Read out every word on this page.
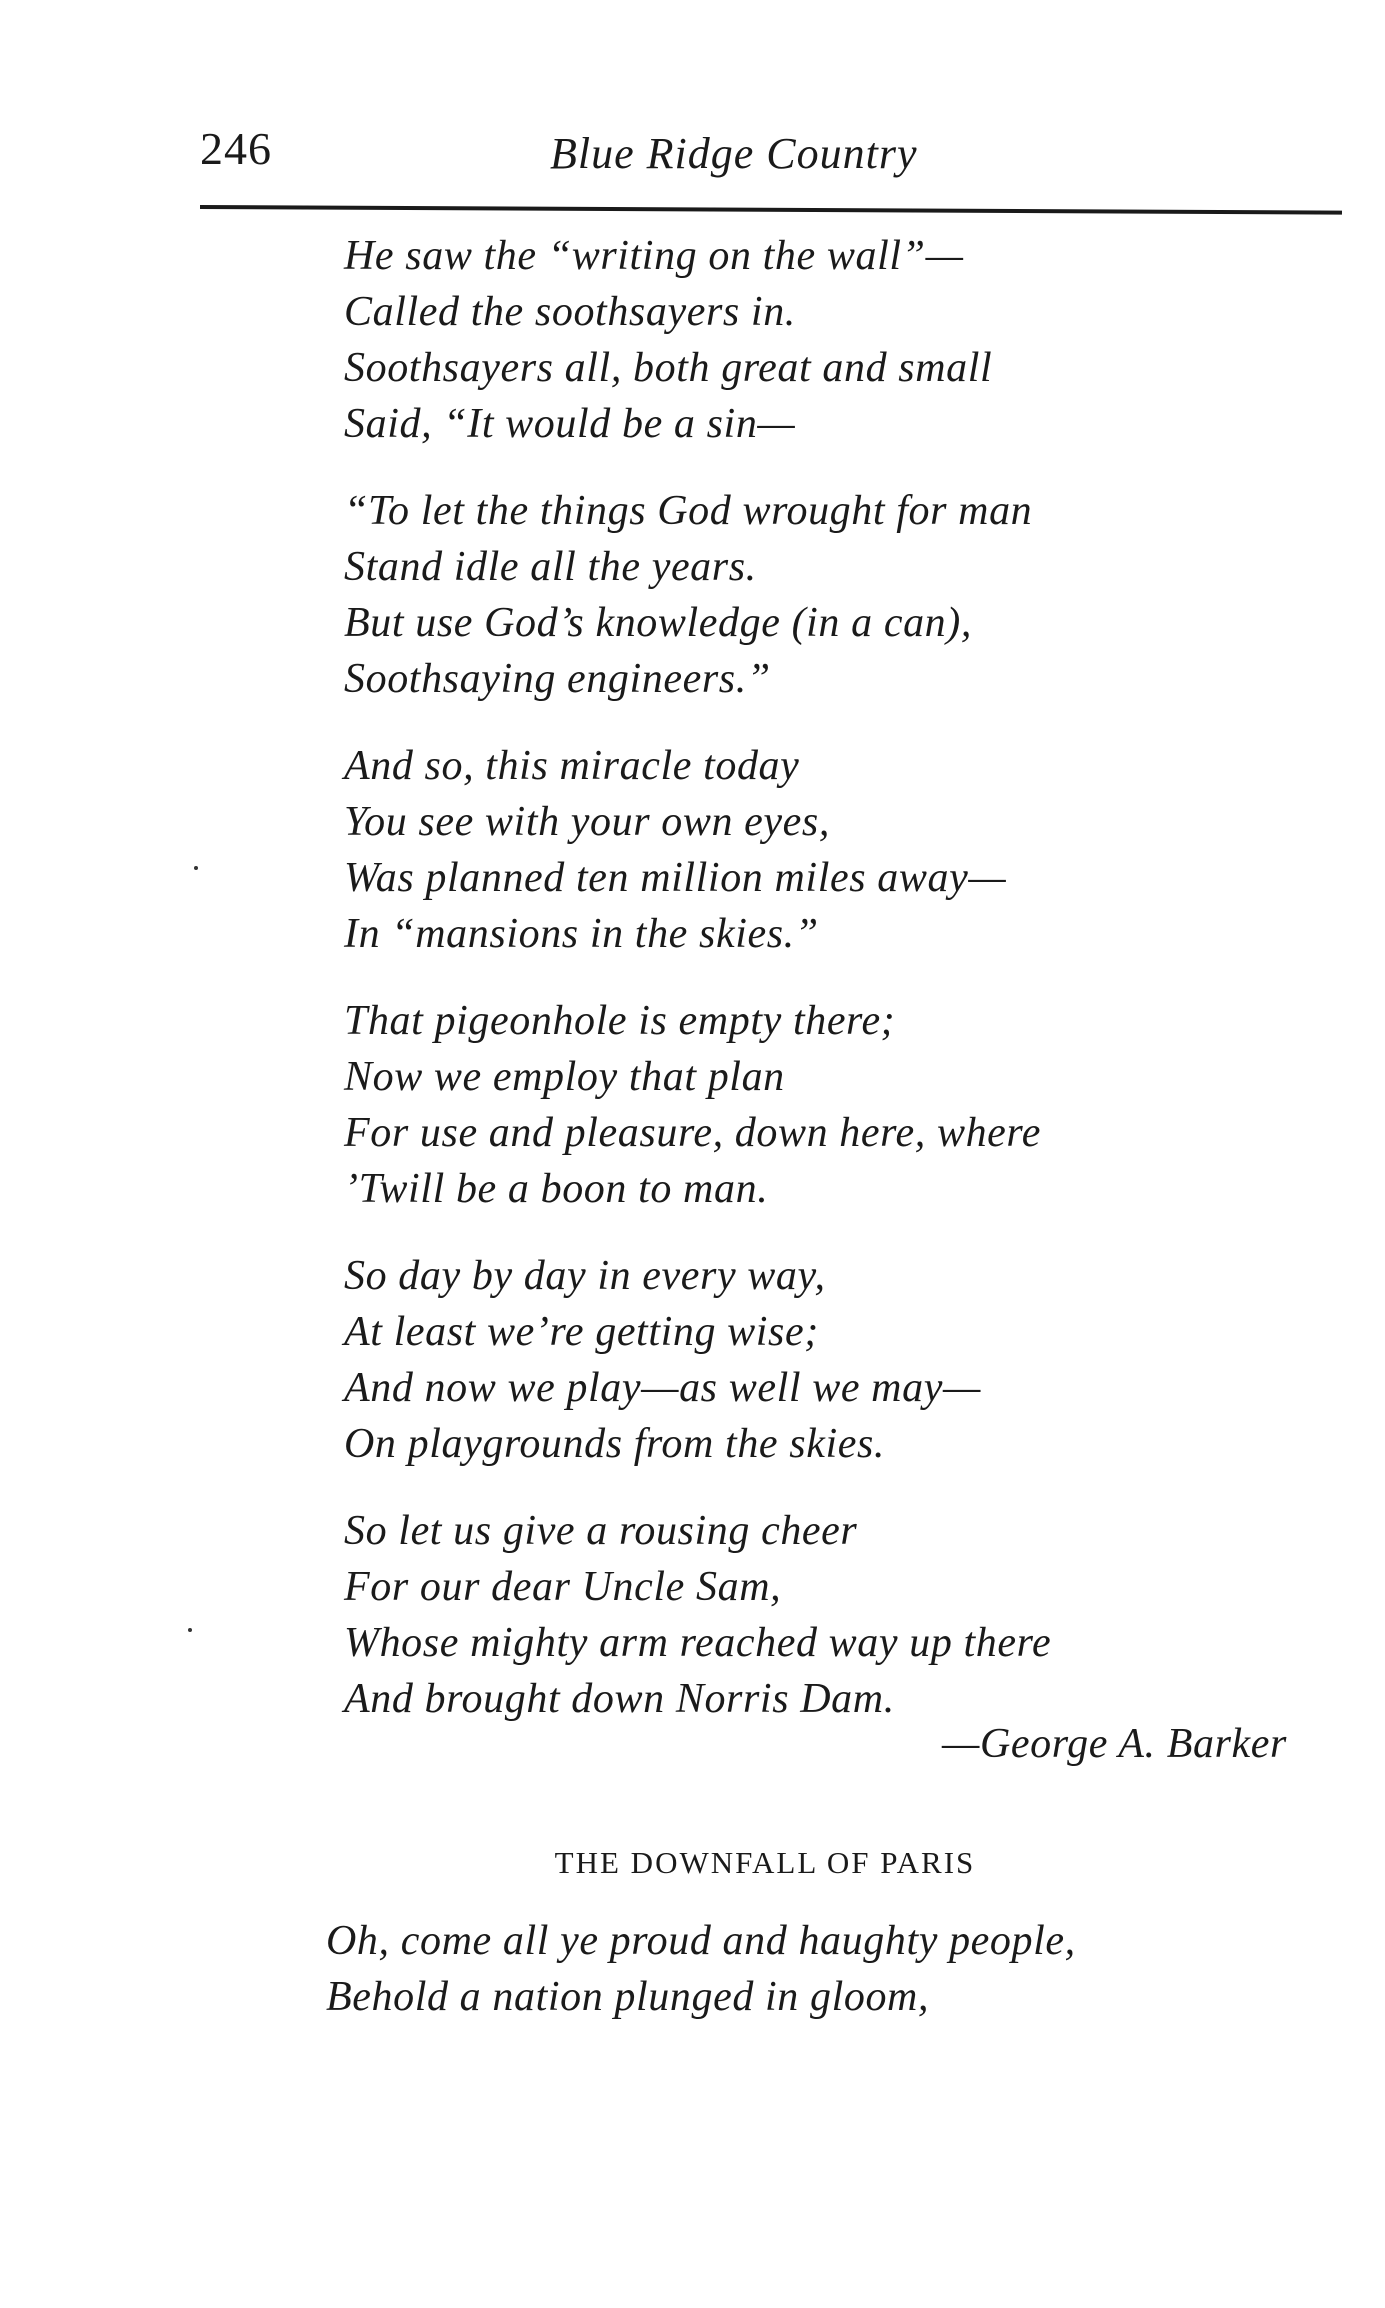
246	Blue Ridge Country
He saw the “writing on the wall”—
Called the soothsayers in.
Soothsayers all, both great and small
Said, “It would be a sin—
“To let the things God wrought for man
Stand idle all the years.
But use God’s knowledge (in a can),
Soothsaying engineers.”
And so, this miracle today
You see with your own eyes,
Was planned ten million miles away—
In “mansions in the skies.”
That pigeonhole is empty there;
Now we employ that plan
For use and pleasure, down here, where
’Twill be a boon to man.
So day by day in every way,
At least we’re getting wise;
And now we play—as well we may—
On playgrounds from the skies.
So let us give a rousing cheer
For our dear Uncle Sam,
Whose mighty arm reached way up there
And brought down Norris Dam.
—George A. Barker
THE DOWNFALL OF PARIS
Oh, come all ye proud and haughty people,
Behold a nation plunged in gloom,
